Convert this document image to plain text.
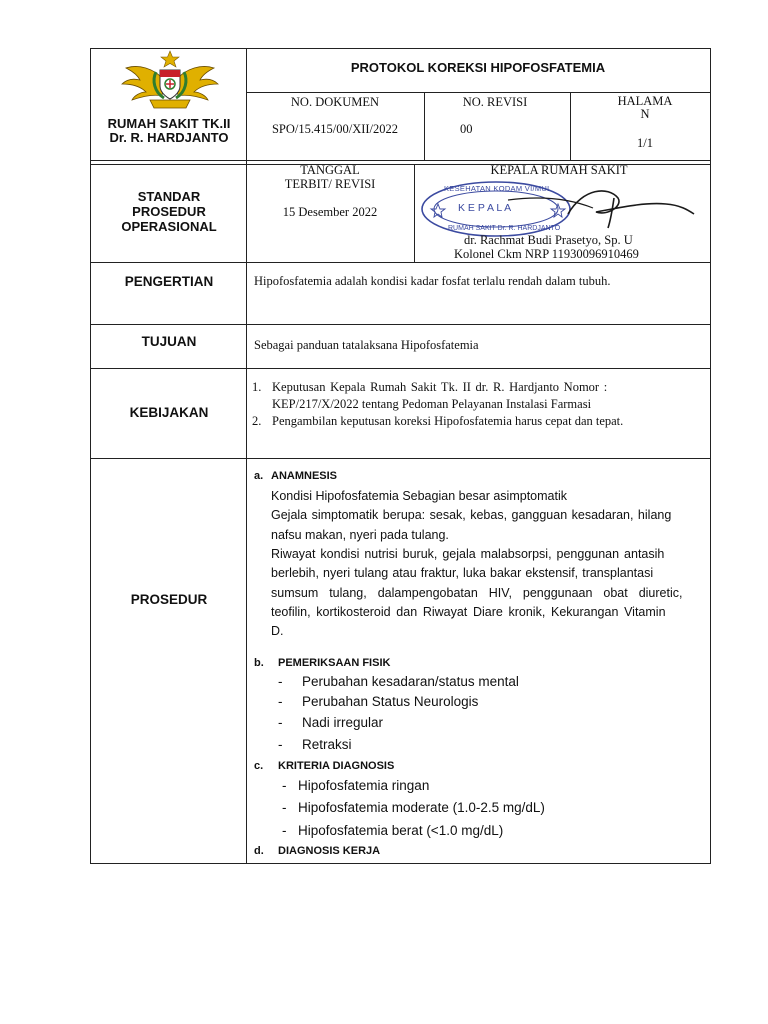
RUMAH SAKIT TK.II Dr. R. HARDJANTO
PROTOKOL KOREKSI HIPOFOSFATEMIA
NO. DOKUMEN
SPO/15.415/00/XII/2022
NO. REVISI
00
HALAMA
N
1/1
STANDAR PROSEDUR OPERASIONAL
TANGGAL
TERBIT/ REVISI
15 Desember 2022
KEPALA RUMAH SAKIT
KESEHATAN KODAM VI/MUL
K E P A L A
RUMAH SAKIT Dr. R. HARDJANTO
dr. Rachmat Budi Prasetyo, Sp. U
Kolonel Ckm NRP 11930096910469
PENGERTIAN	Hipofosfatemia adalah kondisi kadar fosfat terlalu rendah dalam tubuh.
TUJUAN	Sebagai panduan tatalaksana Hipofosfatemia
KEBIJAKAN
1. Keputusan Kepala Rumah Sakit Tk. II dr. R. Hardjanto Nomor :
KEP/217/X/2022 tentang Pedoman Pelayanan Instalasi Farmasi
2. Pengambilan keputusan koreksi Hipofosfatemia harus cepat dan tepat.
PROSEDUR
a. ANAMNESIS
Kondisi Hipofosfatemia Sebagian besar asimptomatik
Gejala simptomatik berupa: sesak, kebas, gangguan kesadaran, hilang
nafsu makan, nyeri pada tulang.
Riwayat kondisi nutrisi buruk, gejala malabsorpsi, penggunan antasih
berlebih, nyeri tulang atau fraktur, luka bakar ekstensif, transplantasi
sumsum tulang, dalampengobatan HIV, penggunaan obat diuretic,
teofilin, kortikosteroid dan Riwayat Diare kronik, Kekurangan Vitamin
D.
b. PEMERIKSAAN FISIK
- Perubahan kesadaran/status mental
- Perubahan Status Neurologis
- Nadi irregular
- Retraksi
c. KRITERIA DIAGNOSIS
- Hipofosfatemia ringan
- Hipofosfatemia moderate (1.0-2.5 mg/dL)
- Hipofosfatemia berat (<1.0 mg/dL)
d. DIAGNOSIS KERJA
